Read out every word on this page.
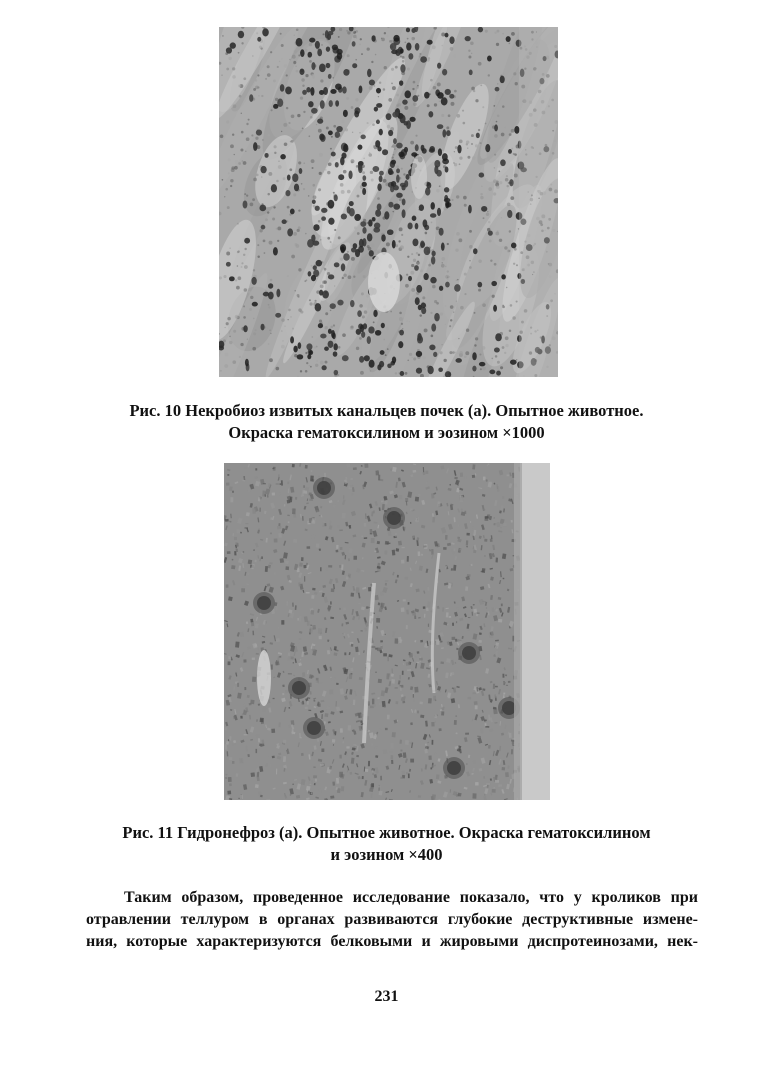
Рис. 10 Некробиоз извитых канальцев почек (а). Опытное животное.
Окраска гематоксилином и эозином ×1000
Рис. 11 Гидронефроз (а). Опытное животное. Окраска гематоксилином
и эозином ×400
Таким образом, проведенное исследование показало, что у кроликов при
отравлении теллуром в органах развиваются глубокие деструктивные измене-
ния, которые характеризуются белковыми и жировыми диспротеинозами, нек-
231
